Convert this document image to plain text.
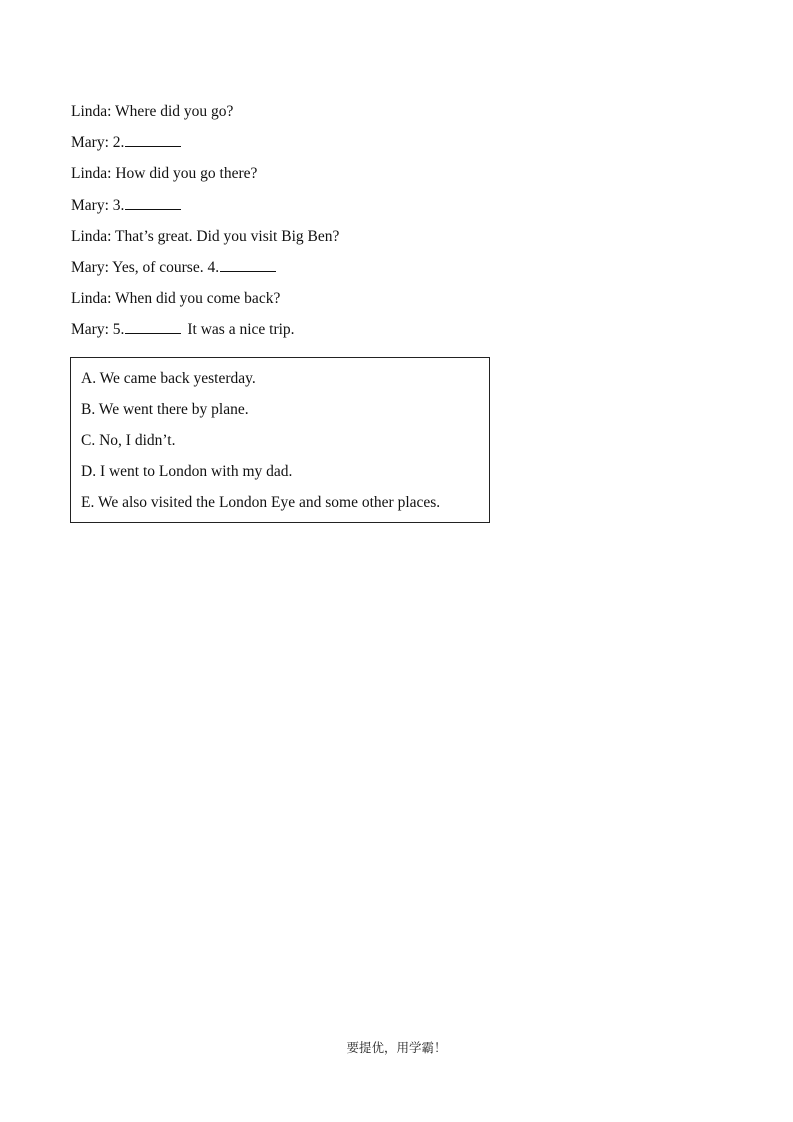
Linda: Where did you go?
Mary: 2.
Linda: How did you go there?
Mary: 3.
Linda: That’s great. Did you visit Big Ben?
Mary: Yes, of course. 4.
Linda: When did you come back?
Mary: 5.	It was a nice trip.
A. We came back yesterday.
B. We went there by plane.
C. No, I didn’t.
D. I went to London with my dad.
E. We also visited the London Eye and some other places.
要提优，用学霸！
